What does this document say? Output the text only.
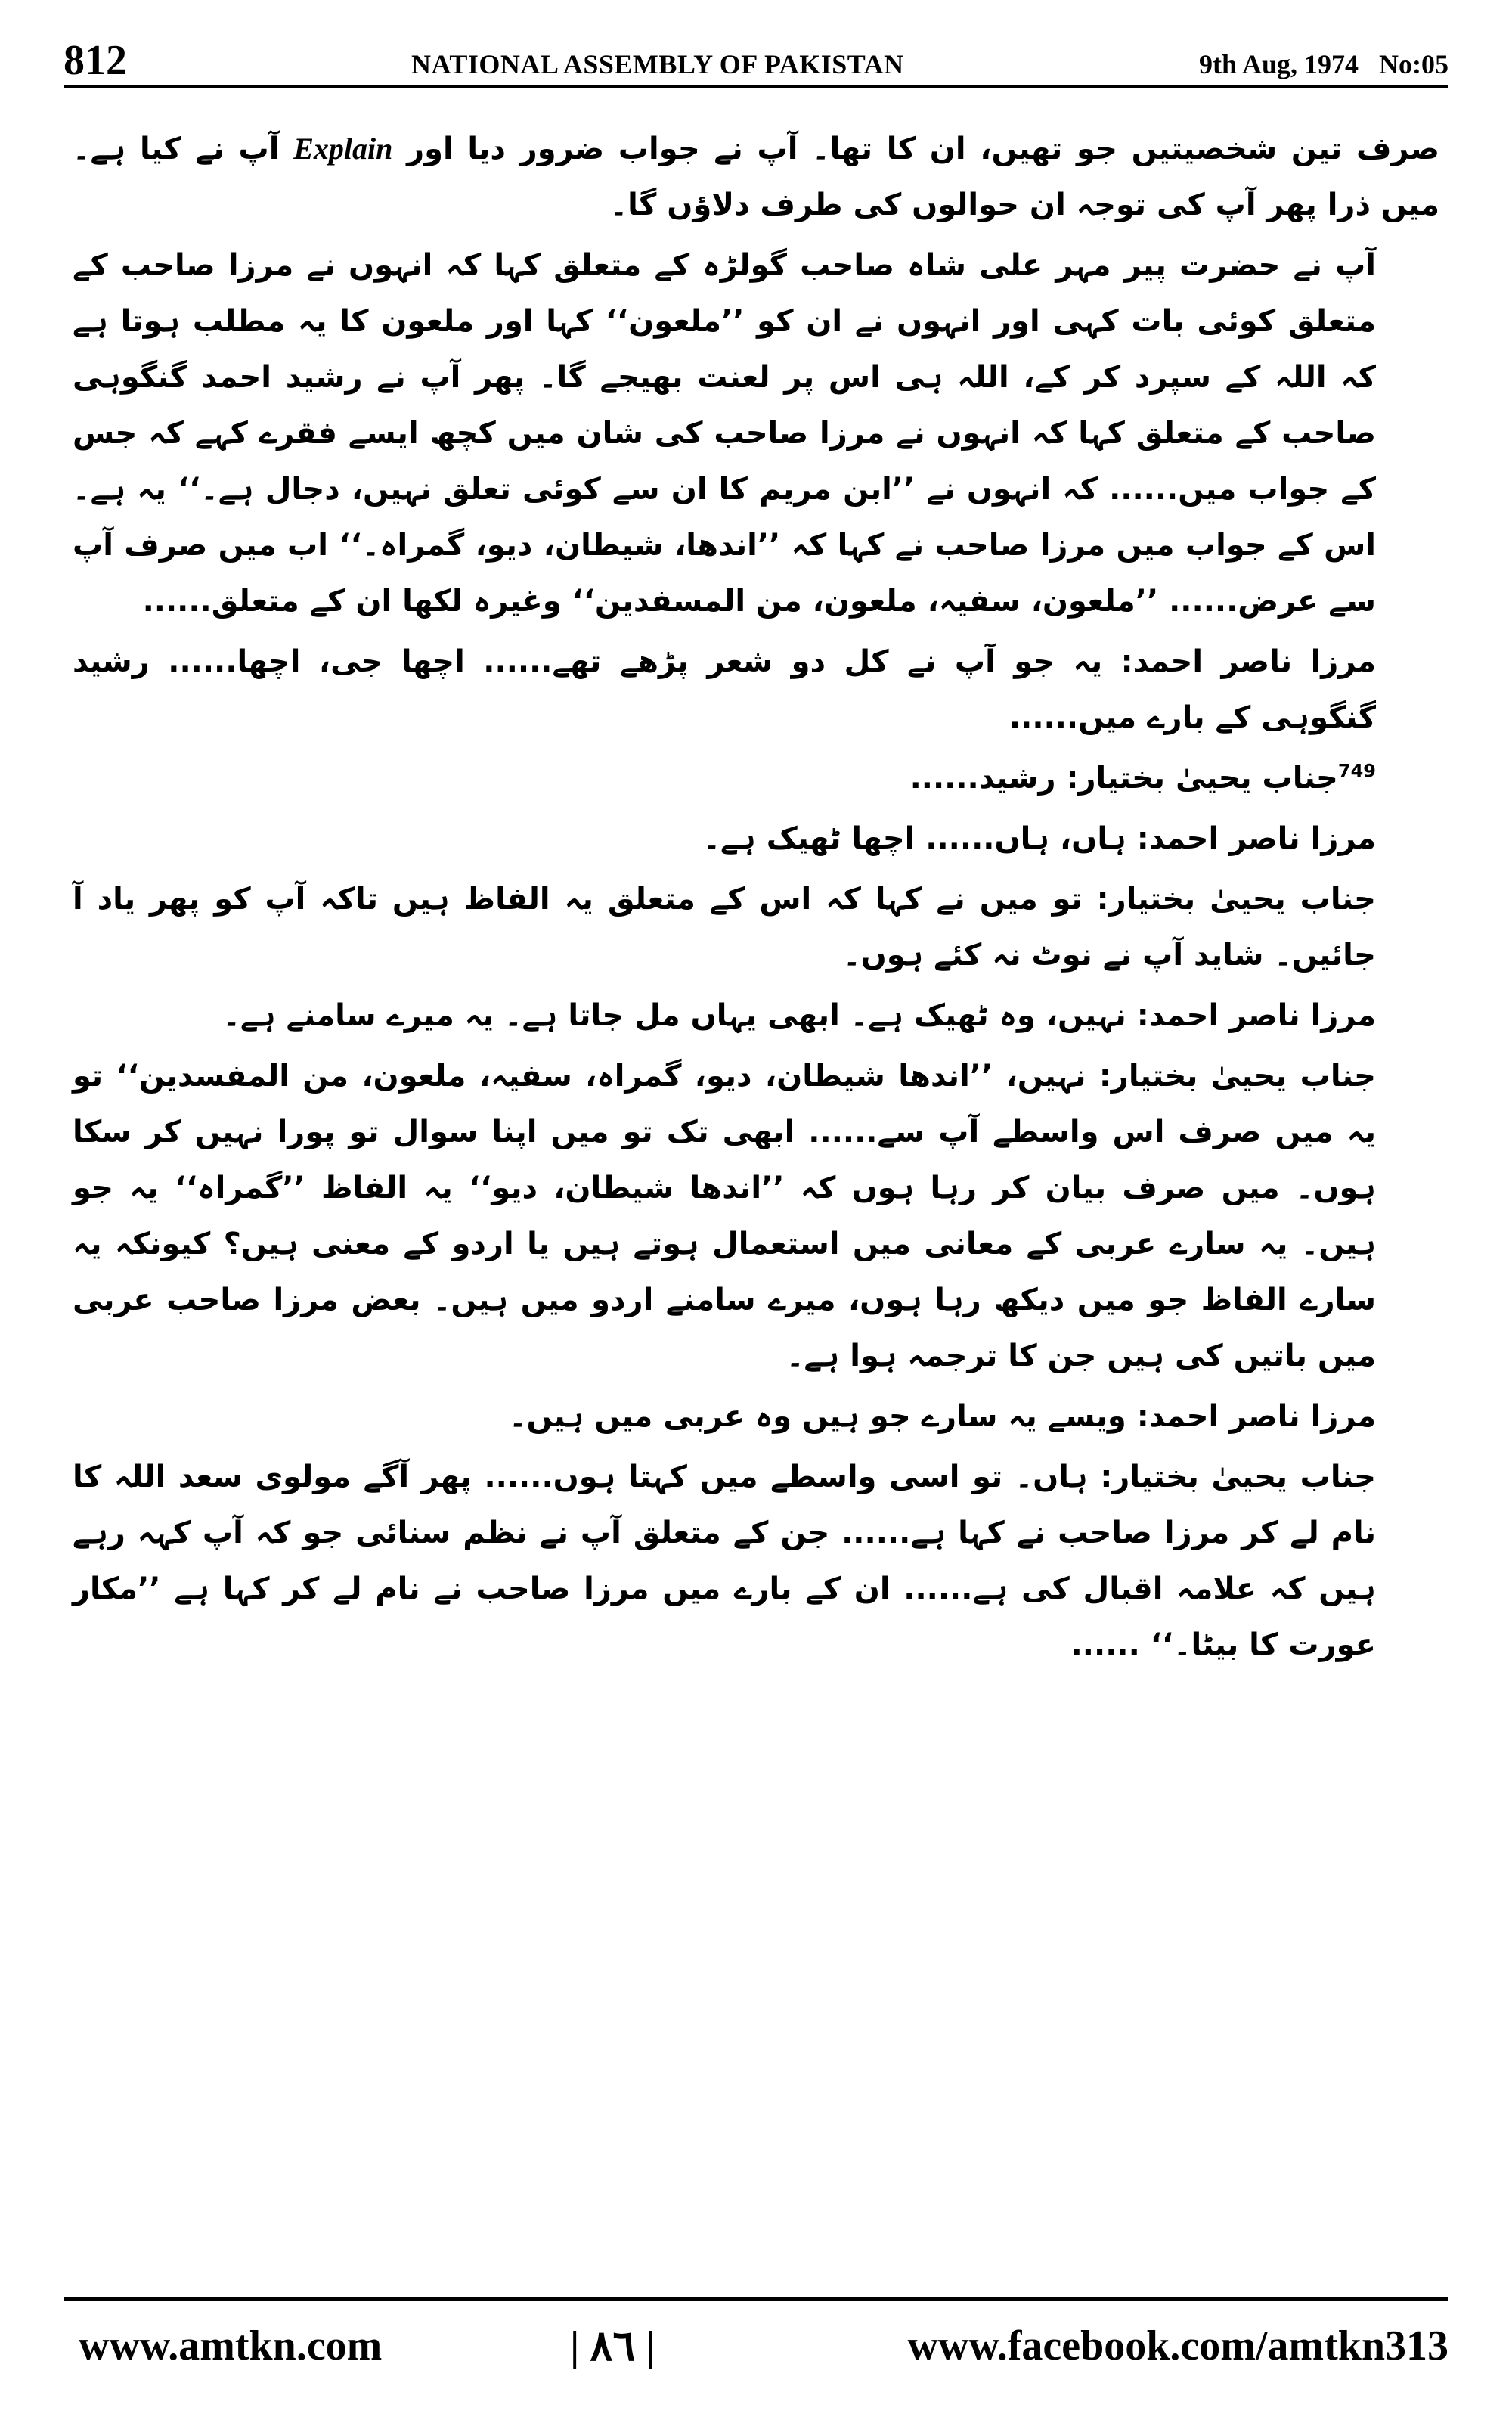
812	NATIONAL ASSEMBLY OF PAKISTAN	9th Aug, 1974   No:05

صرف تین شخصیتیں جو تھیں، ان کا تھا۔ آپ نے جواب ضرور دیا اور Explain آپ نے کیا ہے۔ میں ذرا پھر آپ کی توجہ ان حوالوں کی طرف دلاؤں گا۔

آپ نے حضرت پیر مہر علی شاہ صاحب گولڑہ کے متعلق کہا کہ انہوں نے مرزا صاحب کے متعلق کوئی بات کہی اور انہوں نے ان کو ’’ملعون‘‘ کہا اور ملعون کا یہ مطلب ہوتا ہے کہ اللہ کے سپرد کر کے، اللہ ہی اس پر لعنت بھیجے گا۔ پھر آپ نے رشید احمد گنگوہی صاحب کے متعلق کہا کہ انہوں نے مرزا صاحب کی شان میں کچھ ایسے فقرے کہے کہ جس کے جواب میں...... کہ انہوں نے ’’ابن مریم کا ان سے کوئی تعلق نہیں، دجال ہے۔‘‘ یہ ہے۔ اس کے جواب میں مرزا صاحب نے کہا کہ ’’اندھا، شیطان، دیو، گمراہ۔‘‘ اب میں صرف آپ سے عرض...... ’’ملعون، سفیہ، ملعون، من المسفدین‘‘ وغیرہ لکھا ان کے متعلق......

مرزا ناصر احمد: یہ جو آپ نے کل دو شعر پڑھے تھے...... اچھا جی، اچھا...... رشید گنگوہی کے بارے میں......

$^{749}$جناب یحییٰ بختیار: رشید......

مرزا ناصر احمد: ہاں، ہاں...... اچھا ٹھیک ہے۔

جناب یحییٰ بختیار: تو میں نے کہا کہ اس کے متعلق یہ الفاظ ہیں تاکہ آپ کو پھر یاد آ جائیں۔ شاید آپ نے نوٹ نہ کئے ہوں۔

مرزا ناصر احمد: نہیں، وہ ٹھیک ہے۔ ابھی یہاں مل جاتا ہے۔ یہ میرے سامنے ہے۔

جناب یحییٰ بختیار: نہیں، ’’اندھا شیطان، دیو، گمراہ، سفیہ، ملعون، من المفسدین‘‘ تو یہ میں صرف اس واسطے آپ سے...... ابھی تک تو میں اپنا سوال تو پورا نہیں کر سکا ہوں۔ میں صرف بیان کر رہا ہوں کہ ’’اندھا شیطان، دیو‘‘ یہ الفاظ ’’گمراہ‘‘ یہ جو ہیں۔ یہ سارے عربی کے معانی میں استعمال ہوتے ہیں یا اردو کے معنی ہیں؟ کیونکہ یہ سارے الفاظ جو میں دیکھ رہا ہوں، میرے سامنے اردو میں ہیں۔ بعض مرزا صاحب عربی میں باتیں کی ہیں جن کا ترجمہ ہوا ہے۔

مرزا ناصر احمد: ویسے یہ سارے جو ہیں وہ عربی میں ہیں۔

جناب یحییٰ بختیار: ہاں۔ تو اسی واسطے میں کہتا ہوں...... پھر آگے مولوی سعد اللہ کا نام لے کر مرزا صاحب نے کہا ہے...... جن کے متعلق آپ نے نظم سنائی جو کہ آپ کہہ رہے ہیں کہ علامہ اقبال کی ہے...... ان کے بارے میں مرزا صاحب نے نام لے کر کہا ہے ’’مکار عورت کا بیٹا۔‘‘ ......

www.amtkn.com	| ٨٦ |	www.facebook.com/amtkn313
